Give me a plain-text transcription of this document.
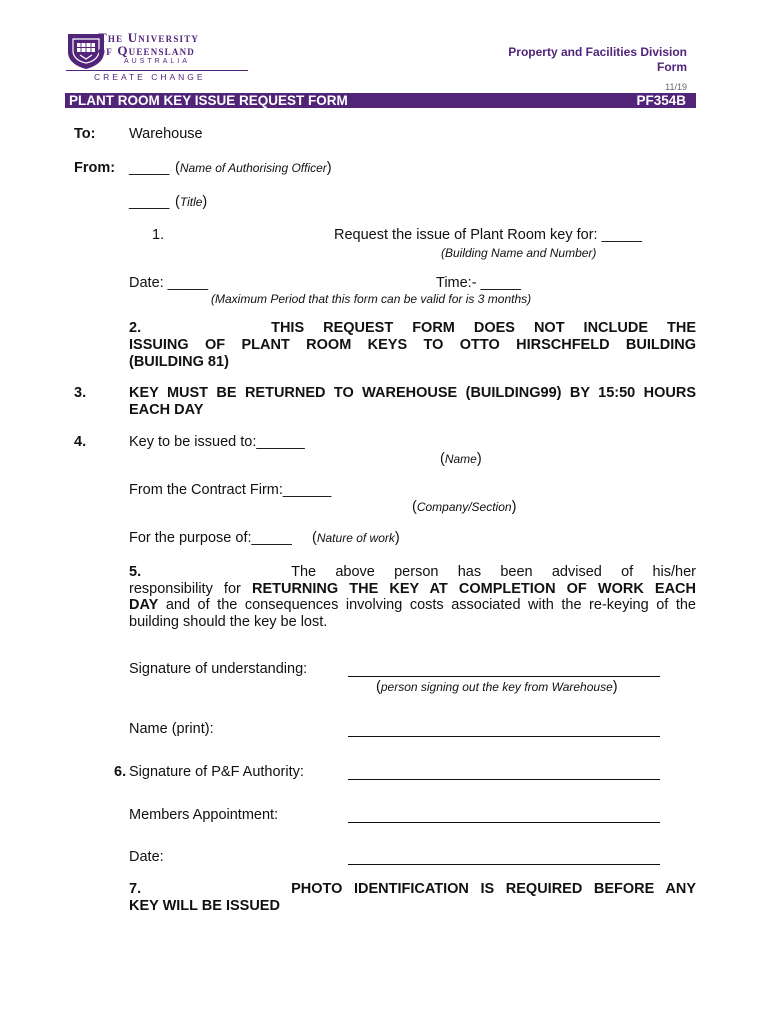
The University
of Queensland
AUSTRALIA
CREATE CHANGE
Property and Facilities Division
Form
11/19
PLANT ROOM KEY ISSUE REQUEST FORM	PF354B
To: Warehouse
From: _____ (Name of Authorising Officer)
_____ (Title)
1.	Request the issue of Plant Room key for: _____
(Building Name and Number)
Date: _____	Time:- _____
(Maximum Period that this form can be valid for is 3 months)
2.	THIS REQUEST FORM DOES NOT INCLUDE THE
ISSUING OF PLANT ROOM KEYS TO OTTO HIRSCHFELD BUILDING
(BUILDING 81)
3.	KEY MUST BE RETURNED TO WAREHOUSE (BUILDING99) BY 15:50 HOURS
EACH DAY
4.	Key to be issued to:______
(Name)
From the Contract Firm:______
(Company/Section)
For the purpose of:_____ (Nature of work)
5.	The above person has been advised of his/her
responsibility for RETURNING THE KEY AT COMPLETION OF WORK EACH
DAY and of the consequences involving costs associated with the re-keying of the
building should the key be lost.
Signature of understanding:
(person signing out the key from Warehouse)
Name (print):
6. Signature of P&F Authority:
Members Appointment:
Date:
7.	PHOTO IDENTIFICATION IS REQUIRED BEFORE ANY
KEY WILL BE ISSUED
